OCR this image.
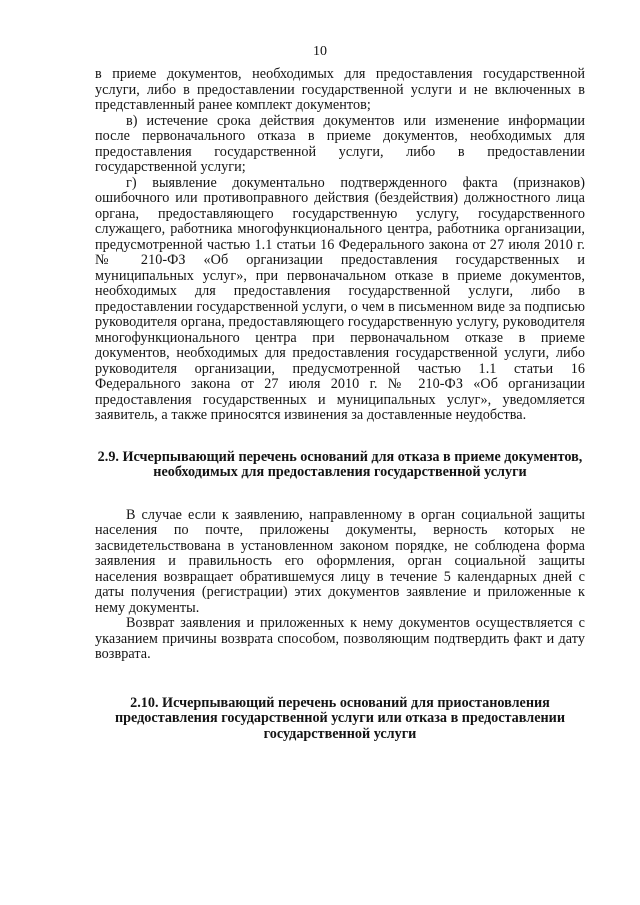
10

в приеме документов, необходимых для предоставления государственной услуги, либо в предоставлении государственной услуги и не включенных в представленный ранее комплект документов;

в) истечение срока действия документов или изменение информации после первоначального отказа в приеме документов, необходимых для предоставления государственной услуги, либо в предоставлении государственной услуги;

г) выявление документально подтвержденного факта (признаков) ошибочного или противоправного действия (бездействия) должностного лица органа, предоставляющего государственную услугу, государственного служащего, работника многофункционального центра, работника организации, предусмотренной частью 1.1 статьи 16 Федерального закона от 27 июля 2010 г. № 210-ФЗ «Об организации предоставления государственных и муниципальных услуг», при первоначальном отказе в приеме документов, необходимых для предоставления государственной услуги, либо в предоставлении государственной услуги, о чем в письменном виде за подписью руководителя органа, предоставляющего государственную услугу, руководителя многофункционального центра при первоначальном отказе в приеме документов, необходимых для предоставления государственной услуги, либо руководителя организации, предусмотренной частью 1.1 статьи 16 Федерального закона от 27 июля 2010 г. № 210-ФЗ «Об организации предоставления государственных и муниципальных услуг», уведомляется заявитель, а также приносятся извинения за доставленные неудобства.

2.9. Исчерпывающий перечень оснований для отказа в приеме документов, необходимых для предоставления государственной услуги

В случае если к заявлению, направленному в орган социальной защиты населения по почте, приложены документы, верность которых не засвидетельствована в установленном законом порядке, не соблюдена форма заявления и правильность его оформления, орган социальной защиты населения возвращает обратившемуся лицу в течение 5 календарных дней с даты получения (регистрации) этих документов заявление и приложенные к нему документы.

Возврат заявления и приложенных к нему документов осуществляется с указанием причины возврата способом, позволяющим подтвердить факт и дату возврата.

2.10. Исчерпывающий перечень оснований для приостановления предоставления государственной услуги или отказа в предоставлении государственной услуги
